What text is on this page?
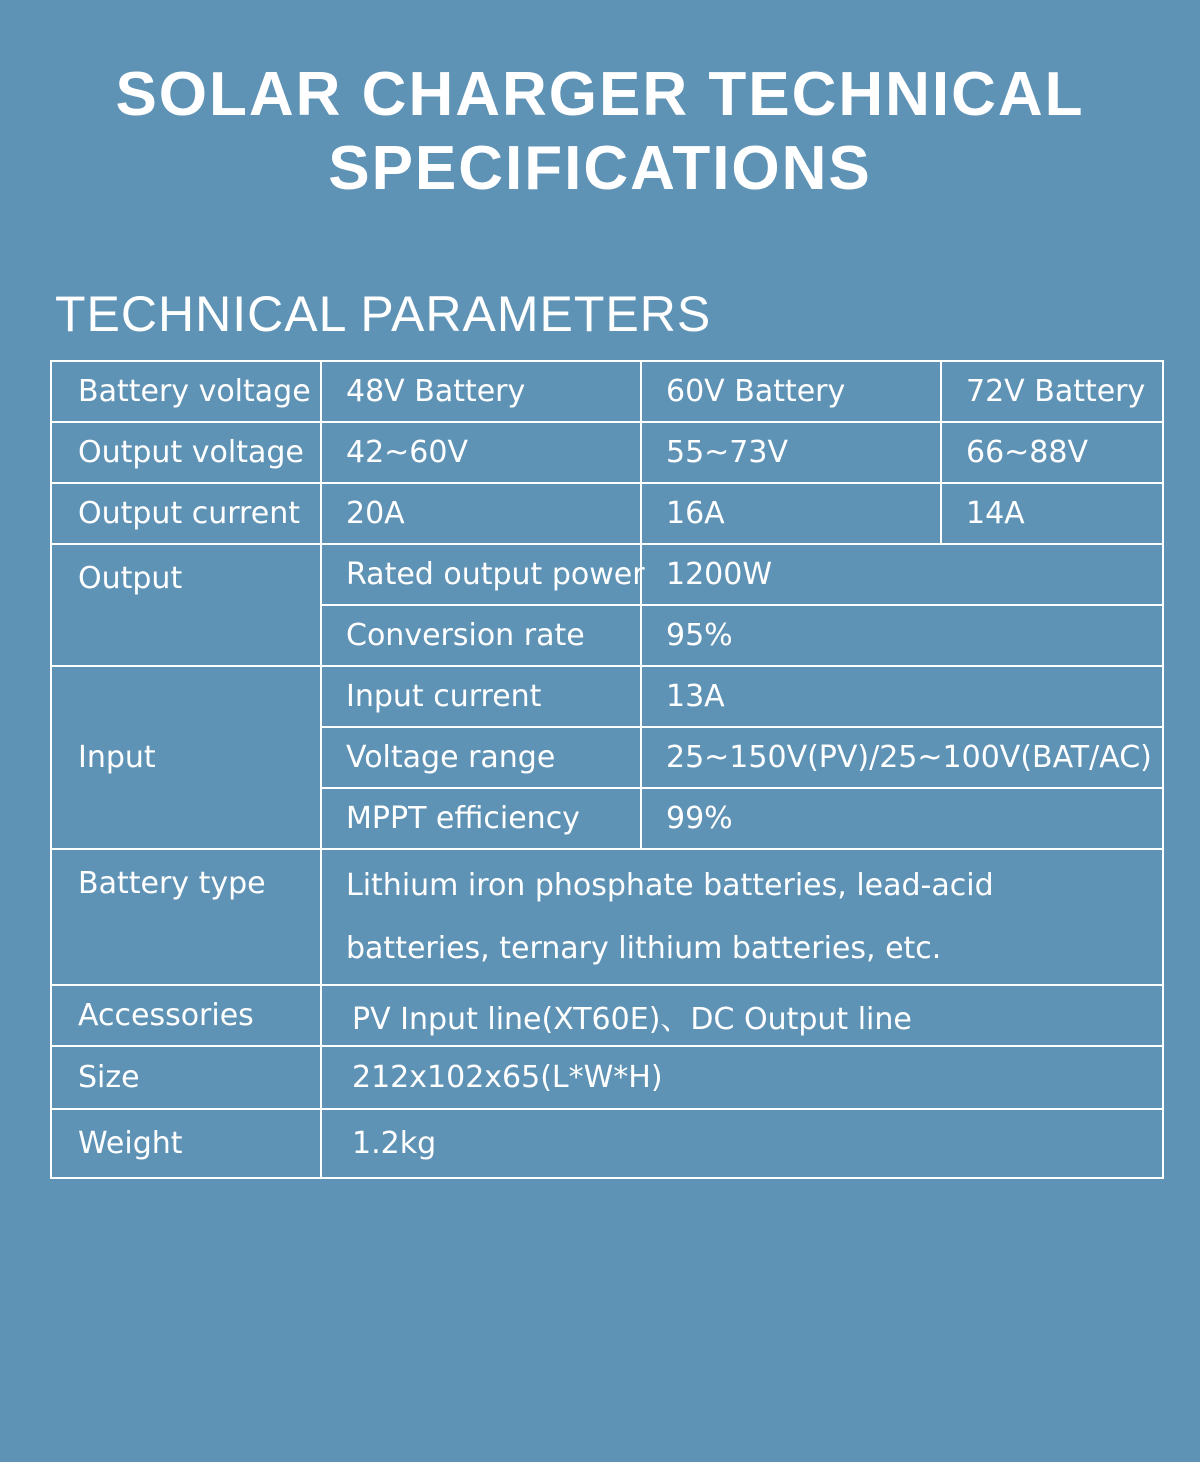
SOLAR CHARGER TECHNICAL
SPECIFICATIONS
TECHNICAL PARAMETERS
Battery voltage	48V Battery	60V Battery	72V Battery
Output voltage	42~60V	55~73V	66~88V
Output current	20A	16A	14A
Output	Rated output power	1200W	
	Conversion rate	95%	
Input	Input current	13A	
	Voltage range	25~150V(PV)/25~100V(BAT/AC)	
	MPPT efficiency	99%	
Battery type	Lithium iron phosphate batteries, lead-acid batteries, ternary lithium batteries, etc.		
Accessories	PV Input line(XT60E)、DC Output line		
Size	212x102x65(L*W*H)		
Weight	1.2kg		
